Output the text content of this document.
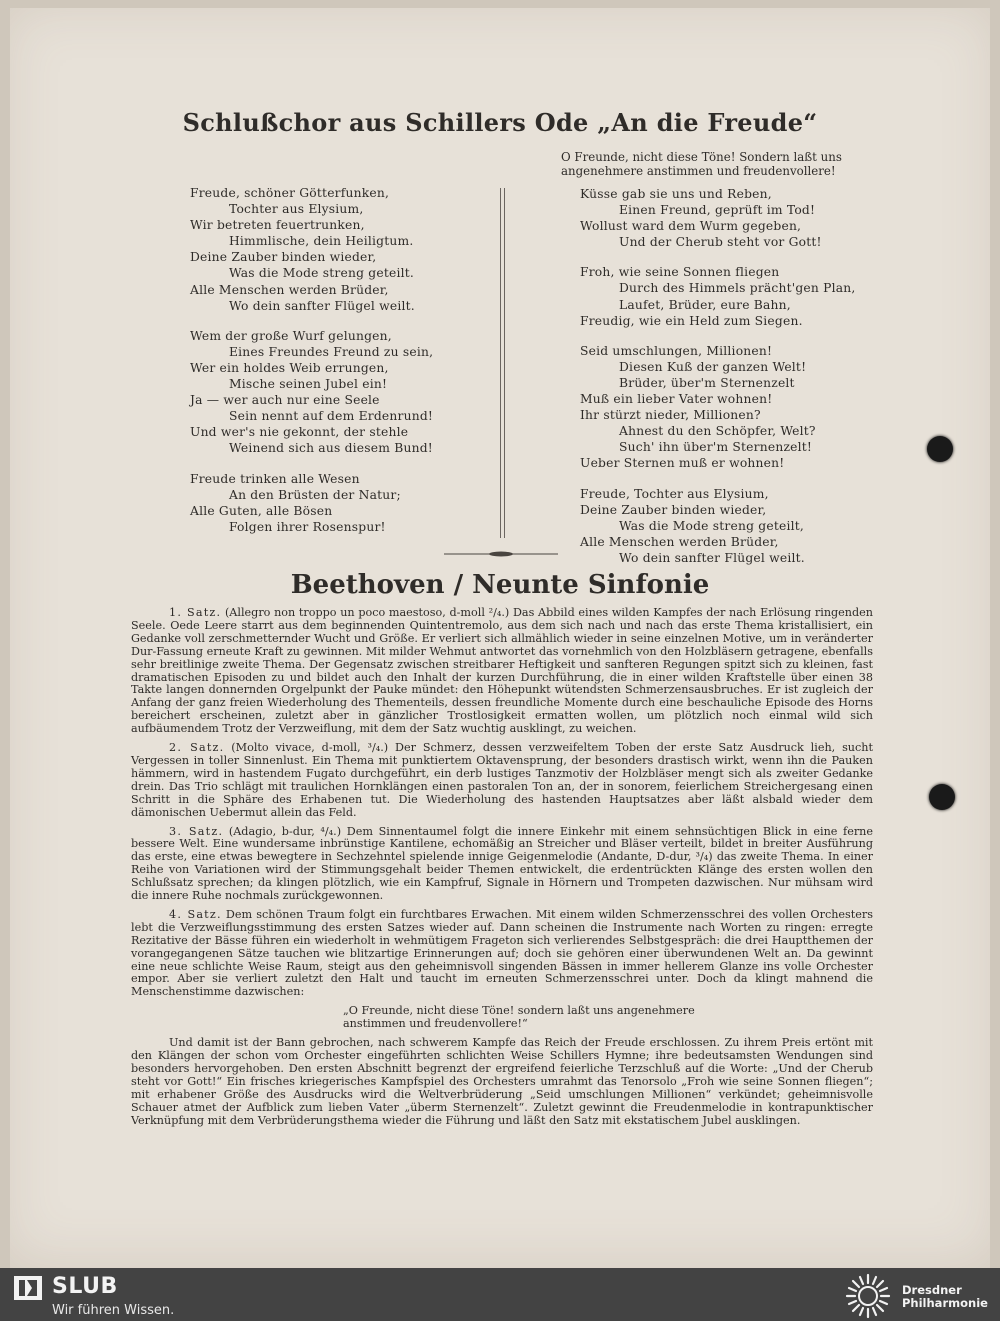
Schlußchor aus Schillers Ode „An die Freude“
O Freunde, nicht diese Töne! Sondern laßt uns angenehmere anstimmen und freudenvollere!
Freude, schöner Götterfunken,
Tochter aus Elysium,
Wir betreten feuertrunken,
Himmlische, dein Heiligtum.
Deine Zauber binden wieder,
Was die Mode streng geteilt.
Alle Menschen werden Brüder,
Wo dein sanfter Flügel weilt.
Wem der große Wurf gelungen,
Eines Freundes Freund zu sein,
Wer ein holdes Weib errungen,
Mische seinen Jubel ein!
Ja — wer auch nur eine Seele
Sein nennt auf dem Erdenrund!
Und wer's nie gekonnt, der stehle
Weinend sich aus diesem Bund!
Freude trinken alle Wesen
An den Brüsten der Natur;
Alle Guten, alle Bösen
Folgen ihrer Rosenspur!
Küsse gab sie uns und Reben,
Einen Freund, geprüft im Tod!
Wollust ward dem Wurm gegeben,
Und der Cherub steht vor Gott!
Froh, wie seine Sonnen fliegen
Durch des Himmels prächt'gen Plan,
Laufet, Brüder, eure Bahn,
Freudig, wie ein Held zum Siegen.
Seid umschlungen, Millionen!
Diesen Kuß der ganzen Welt!
Brüder, über'm Sternenzelt
Muß ein lieber Vater wohnen!
Ihr stürzt nieder, Millionen?
Ahnest du den Schöpfer, Welt?
Such' ihn über'm Sternenzelt!
Ueber Sternen muß er wohnen!
Freude, Tochter aus Elysium,
Deine Zauber binden wieder,
Was die Mode streng geteilt,
Alle Menschen werden Brüder,
Wo dein sanfter Flügel weilt.
Beethoven / Neunte Sinfonie

1. Satz. (Allegro non troppo un poco maestoso, d-moll ²/₄.) Das Abbild eines wilden Kampfes der nach Erlösung ringenden Seele. Oede Leere starrt aus dem beginnenden Quintentremolo, aus dem sich nach und nach das erste Thema kristallisiert, ein Gedanke voll zerschmetternder Wucht und Größe. Er verliert sich allmählich wieder in seine einzelnen Motive, um in veränderter Dur-Fassung erneute Kraft zu gewinnen. Mit milder Wehmut antwortet das vornehmlich von den Holzbläsern getragene, ebenfalls sehr breitlinige zweite Thema. Der Gegensatz zwischen streitbarer Heftigkeit und sanfteren Regungen spitzt sich zu kleinen, fast dramatischen Episoden zu und bildet auch den Inhalt der kurzen Durchführung, die in einer wilden Kraftstelle über einen 38 Takte langen donnernden Orgelpunkt der Pauke mündet: den Höhepunkt wütendsten Schmerzensausbruches. Er ist zugleich der Anfang der ganz freien Wiederholung des Thementeils, dessen freundliche Momente durch eine beschauliche Episode des Horns bereichert erscheinen, zuletzt aber in gänzlicher Trostlosigkeit ermatten wollen, um plötzlich noch einmal wild sich aufbäumendem Trotz der Verzweiflung, mit dem der Satz wuchtig ausklingt, zu weichen.

2. Satz. (Molto vivace, d-moll, ³/₄.) Der Schmerz, dessen verzweifeltem Toben der erste Satz Ausdruck lieh, sucht Vergessen in toller Sinnenlust. Ein Thema mit punktiertem Oktavensprung, der besonders drastisch wirkt, wenn ihn die Pauken hämmern, wird in hastendem Fugato durchgeführt, ein derb lustiges Tanzmotiv der Holzbläser mengt sich als zweiter Gedanke drein. Das Trio schlägt mit traulichen Hornklängen einen pastoralen Ton an, der in sonorem, feierlichem Streichergesang einen Schritt in die Sphäre des Erhabenen tut. Die Wiederholung des hastenden Hauptsatzes aber läßt alsbald wieder dem dämonischen Uebermut allein das Feld.

3. Satz. (Adagio, b-dur, ⁴/₄.) Dem Sinnentaumel folgt die innere Einkehr mit einem sehnsüchtigen Blick in eine ferne bessere Welt. Eine wundersame inbrünstige Kantilene, echomäßig an Streicher und Bläser verteilt, bildet in breiter Ausführung das erste, eine etwas bewegtere in Sechzehntel spielende innige Geigenmelodie (Andante, D-dur, ³/₄) das zweite Thema. In einer Reihe von Variationen wird der Stimmungsgehalt beider Themen entwickelt, die erdentrückten Klänge des ersten wollen den Schlußsatz sprechen; da klingen plötzlich, wie ein Kampfruf, Signale in Hörnern und Trompeten dazwischen. Nur mühsam wird die innere Ruhe nochmals zurückgewonnen.

4. Satz. Dem schönen Traum folgt ein furchtbares Erwachen. Mit einem wilden Schmerzensschrei des vollen Orchesters lebt die Verzweiflungsstimmung des ersten Satzes wieder auf. Dann scheinen die Instrumente nach Worten zu ringen: erregte Rezitative der Bässe führen ein wiederholt in wehmütigem Frageton sich verlierendes Selbstgespräch: die drei Hauptthemen der vorangegangenen Sätze tauchen wie blitzartige Erinnerungen auf; doch sie gehören einer überwundenen Welt an. Da gewinnt eine neue schlichte Weise Raum, steigt aus den geheimnisvoll singenden Bässen in immer hellerem Glanze ins volle Orchester empor. Aber sie verliert zuletzt den Halt und taucht im erneuten Schmerzensschrei unter. Doch da klingt mahnend die Menschenstimme dazwischen:

„O Freunde, nicht diese Töne! sondern laßt uns angenehmere anstimmen und freudenvollere!“

Und damit ist der Bann gebrochen, nach schwerem Kampfe das Reich der Freude erschlossen. Zu ihrem Preis ertönt mit den Klängen der schon vom Orchester eingeführten schlichten Weise Schillers Hymne; ihre bedeutsamsten Wendungen sind besonders hervorgehoben. Den ersten Abschnitt begrenzt der ergreifend feierliche Terzschluß auf die Worte: „Und der Cherub steht vor Gott!“ Ein frisches kriegerisches Kampfspiel des Orchesters umrahmt das Tenorsolo „Froh wie seine Sonnen fliegen“; mit erhabener Größe des Ausdrucks wird die Weltverbrüderung „Seid umschlungen Millionen“ verkündet; geheimnisvolle Schauer atmet der Aufblick zum lieben Vater „überm Sternenzelt“. Zuletzt gewinnt die Freudenmelodie in kontrapunktischer Verknüpfung mit dem Verbrüderungsthema wieder die Führung und läßt den Satz mit ekstatischem Jubel ausklingen.

SLUB
Wir führen Wissen.
Dresdner
Philharmonie
